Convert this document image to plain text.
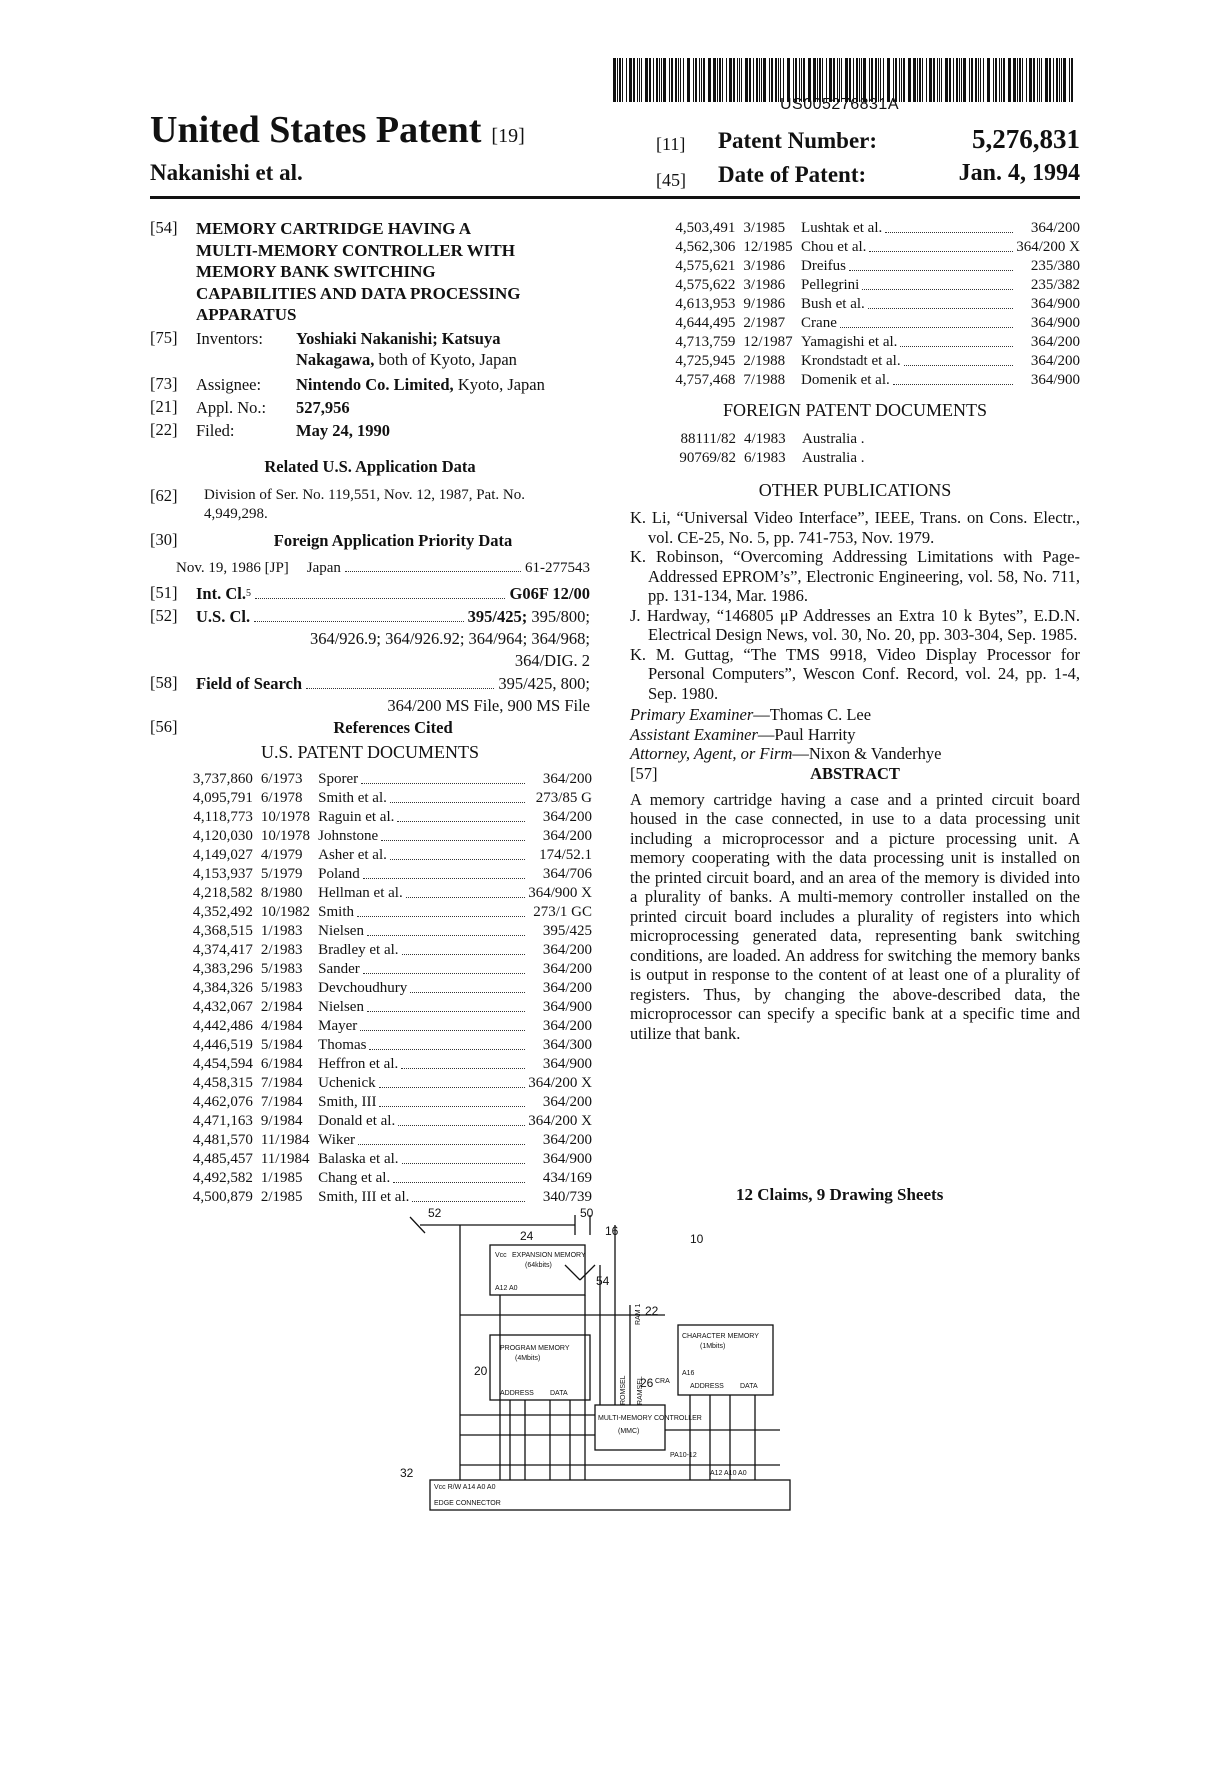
US005276831A
United States Patent [19]
Nakanishi et al.
[11] Patent Number:	5,276,831
[45] Date of Patent:	Jan. 4, 1994
[54] MEMORY CARTRIDGE HAVING A
MULTI-MEMORY CONTROLLER WITH
MEMORY BANK SWITCHING
CAPABILITIES AND DATA PROCESSING
APPARATUS
[75] Inventors: Yoshiaki Nakanishi; Katsuya
Nakagawa, both of Kyoto, Japan
[73] Assignee: Nintendo Co. Limited, Kyoto, Japan
[21] Appl. No.: 527,956
[22] Filed:	May 24, 1990
Related U.S. Application Data
[62] Division of Ser. No. 119,551, Nov. 12, 1987, Pat. No.
4,949,298.
[30]	Foreign Application Priority Data
Nov. 19, 1986 [JP] Japan	61-277543
[51] Int. Cl. 5	G06F 12/00
[52] U.S. Cl.	395/425; 395/800;
364/926.9; 364/926.92; 364/964; 364/968;
364/DIG. 2
[58] Field of Search	395/425, 800;
364/200 MS File, 900 MS File
[56]	References Cited
U.S. PATENT DOCUMENTS
3,737,860	6/1973	Sporer	364/200
4,095,791	6/1978	Smith et al.	273/85 G
4,118,773	10/1978	Raguin et al.	364/200
4,120,030	10/1978	Johnstone	364/200
4,149,027	4/1979	Asher et al.	174/52.1
4,153,937	5/1979	Poland	364/706
4,218,582	8/1980	Hellman et al.	364/900 X
4,352,492	10/1982	Smith	273/1 GC
4,368,515	1/1983	Nielsen	395/425
4,374,417	2/1983	Bradley et al.	364/200
4,383,296	5/1983	Sander	364/200
4,384,326	5/1983	Devchoudhury	364/200
4,432,067	2/1984	Nielsen	364/900
4,442,486	4/1984	Mayer	364/200
4,446,519	5/1984	Thomas	364/300
4,454,594	6/1984	Heffron et al.	364/900
4,458,315	7/1984	Uchenick	364/200 X
4,462,076	7/1984	Smith, III	364/200
4,471,163	9/1984	Donald et al.	364/200 X
4,481,570	11/1984	Wiker	364/200
4,485,457	11/1984	Balaska et al.	364/900
4,492,582	1/1985	Chang et al.	434/169
4,500,879	2/1985	Smith, III et al.	340/739
4,503,491	3/1985	Lushtak et al.	364/200
4,562,306	12/1985	Chou et al.	364/200 X
4,575,621	3/1986	Dreifus	235/380
4,575,622	3/1986	Pellegrini	235/382
4,613,953	9/1986	Bush et al.	364/900
4,644,495	2/1987	Crane	364/900
4,713,759	12/1987	Yamagishi et al.	364/200
4,725,945	2/1988	Krondstadt et al.	364/200
4,757,468	7/1988	Domenik et al.	364/900
FOREIGN PATENT DOCUMENTS
88111/82	4/1983	Australia .
90769/82	6/1983	Australia .
OTHER PUBLICATIONS
K. Li, “Universal Video Interface”, IEEE, Trans. on Cons. Electr., vol. CE-25, No. 5, pp. 741-753, Nov. 1979.
K. Robinson, “Overcoming Addressing Limitations with Page-Addressed EPROM’s”, Electronic Engineering, vol. 58, No. 711, pp. 131-134, Mar. 1986.
J. Hardway, “146805 μP Addresses an Extra 10 k Bytes”, E.D.N. Electrical Design News, vol. 30, No. 20, pp. 303-304, Sep. 1985.
K. M. Guttag, “The TMS 9918, Video Display Processor for Personal Computers”, Wescon Conf. Record, vol. 24, pp. 1-4, Sep. 1980.
Primary Examiner—Thomas C. Lee
Assistant Examiner—Paul Harrity
Attorney, Agent, or Firm—Nixon & Vanderhye
[57]	ABSTRACT
A memory cartridge having a case and a printed circuit board housed in the case connected, in use to a data processing unit including a microprocessor and a picture processing unit. A memory cooperating with the data processing unit is installed on the printed circuit board, and an area of the memory is divided into a plurality of banks. A multi-memory controller installed on the printed circuit board includes a plurality of registers into which microprocessing generated data, representing bank switching conditions, are loaded. An address for switching the memory banks is output in response to the content of at least one of a plurality of registers. Thus, by changing the above-described data, the microprocessor can specify a specific bank at a specific time and utilize that bank.
12 Claims, 9 Drawing Sheets
Vcc EXPANSION MEMORY
(64kbits)
A12 A0
PROGRAM MEMORY
(4Mbits)
ADDRESS DATA
CHARACTER MEMORY
(1Mbits)
A16
ADDRESS DATA
MULTI-MEMORY CONTROLLER
(MMC)
CRA
RAMSEL
ROMSEL
RAM 1
PA10-12
Vcc R/W A14 A0 A0
A12 A10 A0
EDGE CONNECTOR
52	50
16
10
24
54
22
20
26
32
